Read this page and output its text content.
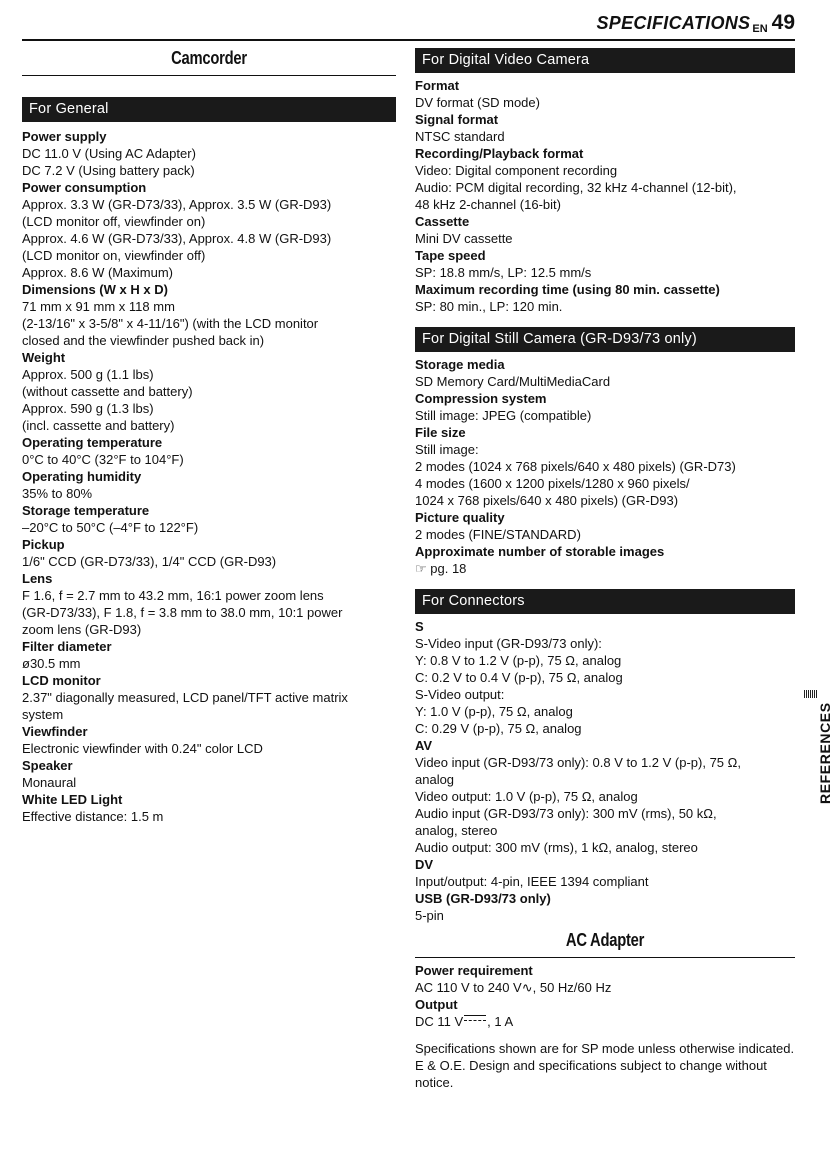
SPECIFICATIONS EN 49
Camcorder
For General
Power supply
DC 11.0 V (Using AC Adapter)
DC 7.2 V (Using battery pack)
Power consumption
Approx. 3.3 W (GR-D73/33), Approx. 3.5 W (GR-D93)
(LCD monitor off, viewfinder on)
Approx. 4.6 W (GR-D73/33), Approx. 4.8 W (GR-D93)
(LCD monitor on, viewfinder off)
Approx. 8.6 W (Maximum)
Dimensions (W x H x D)
71 mm x 91 mm x 118 mm
(2-13/16" x 3-5/8" x 4-11/16") (with the LCD monitor
closed and the viewfinder pushed back in)
Weight
Approx. 500 g (1.1 lbs)
(without cassette and battery)
Approx. 590 g (1.3 lbs)
(incl. cassette and battery)
Operating temperature
0°C to 40°C (32°F to 104°F)
Operating humidity
35% to 80%
Storage temperature
–20°C to 50°C (–4°F to 122°F)
Pickup
1/6" CCD (GR-D73/33), 1/4" CCD (GR-D93)
Lens
F 1.6, f = 2.7 mm to 43.2 mm, 16:1 power zoom lens
(GR-D73/33), F 1.8, f = 3.8 mm to 38.0 mm, 10:1 power
zoom lens (GR-D93)
Filter diameter
ø30.5 mm
LCD monitor
2.37" diagonally measured, LCD panel/TFT active matrix
system
Viewfinder
Electronic viewfinder with 0.24" color LCD
Speaker
Monaural
White LED Light
Effective distance: 1.5 m
For Digital Video Camera
Format
DV format (SD mode)
Signal format
NTSC standard
Recording/Playback format
Video: Digital component recording
Audio: PCM digital recording, 32 kHz 4-channel (12-bit),
48 kHz 2-channel (16-bit)
Cassette
Mini DV cassette
Tape speed
SP: 18.8 mm/s, LP: 12.5 mm/s
Maximum recording time (using 80 min. cassette)
SP: 80 min., LP: 120 min.
For Digital Still Camera (GR-D93/73 only)
Storage media
SD Memory Card/MultiMediaCard
Compression system
Still image: JPEG (compatible)
File size
Still image:
2 modes (1024 x 768 pixels/640 x 480 pixels) (GR-D73)
4 modes (1600 x 1200 pixels/1280 x 960 pixels/
1024 x 768 pixels/640 x 480 pixels) (GR-D93)
Picture quality
2 modes (FINE/STANDARD)
Approximate number of storable images
☞ pg. 18
For Connectors
S
S-Video input (GR-D93/73 only):
Y: 0.8 V to 1.2 V (p-p), 75 Ω, analog
C: 0.2 V to 0.4 V (p-p), 75 Ω, analog
S-Video output:
Y: 1.0 V (p-p), 75 Ω, analog
C: 0.29 V (p-p), 75 Ω, analog
AV
Video input (GR-D93/73 only): 0.8 V to 1.2 V (p-p), 75 Ω,
analog
Video output: 1.0 V (p-p), 75 Ω, analog
Audio input (GR-D93/73 only): 300 mV (rms), 50 kΩ,
analog, stereo
Audio output: 300 mV (rms), 1 kΩ, analog, stereo
DV
Input/output: 4-pin, IEEE 1394 compliant
USB (GR-D93/73 only)
5-pin
AC Adapter
Power requirement
AC 110 V to 240 V∿, 50 Hz/60 Hz
Output
DC 11 V , 1 A
Specifications shown are for SP mode unless otherwise indicated. E & O.E. Design and specifications subject to change without notice.
REFERENCES
